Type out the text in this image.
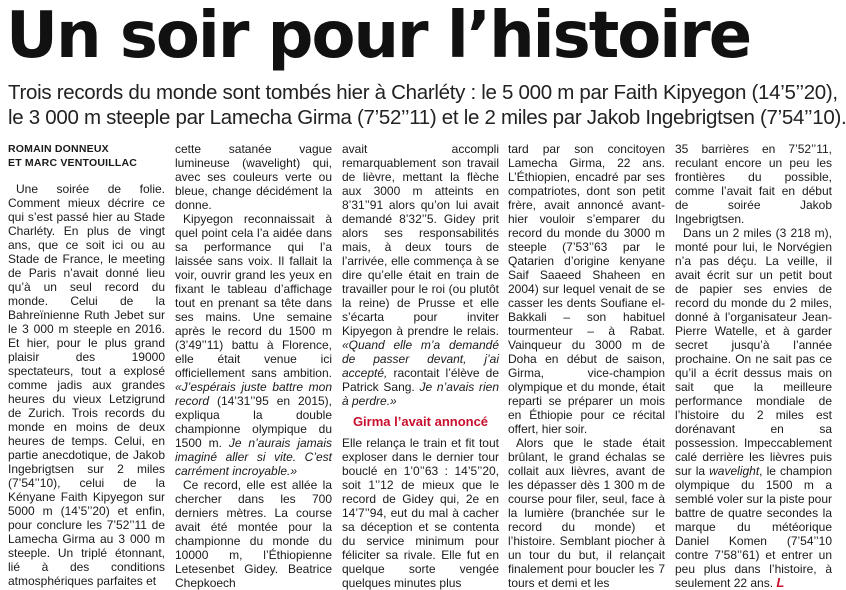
Un soir pour l’histoire

Trois records du monde sont tombés hier à Charléty : le 5 000 m par Faith Kipyegon (14’5’’20),

le 3 000 m steeple par Lamecha Girma (7’52’’11) et le 2 miles par Jakob Ingebrigtsen (7’54’’10).

ROMAIN DONNEUX
ET MARC VENTOUILLAC

Une soirée de folie. Comment mieux décrire ce qui s’est passé hier au Stade Charléty. En plus de vingt ans, que ce soit ici ou au Stade de France, le meeting de Paris n’avait donné lieu qu’à un seul record du monde. Celui de la Bahreïnienne Ruth Jebet sur le 3 000 m steeple en 2016. Et hier, pour le plus grand plaisir des 19000 spectateurs, tout a explosé comme jadis aux grandes heures du vieux Letzigrund de Zurich. Trois records du monde en moins de deux heures de temps. Celui, en partie anecdotique, de Jakob Ingebrigtsen sur 2 miles (7’54’’10), celui de la Kényane Faith Kipyegon sur 5000 m (14’5’’20) et enfin, pour conclure les 7’52’’11 de Lamecha Girma au 3 000 m steeple. Un triplé étonnant, lié à des conditions atmosphériques parfaites et

cette satanée vague lumineuse (wavelight) qui, avec ses couleurs verte ou bleue, change décidément la donne.

Kipyegon reconnaissait à quel point cela l’a aidée dans sa performance qui l’a laissée sans voix. Il fallait la voir, ouvrir grand les yeux en fixant le tableau d’affichage tout en prenant sa tête dans ses mains. Une semaine après le record du 1500 m (3’49’’11) battu à Florence, elle était venue ici officiellement sans ambition. «J’espérais juste battre mon record (14’31’’95 en 2015), expliqua la double championne olympique du 1500 m. Je n’aurais jamais imaginé aller si vite. C’est carrément incroyable.»

Ce record, elle est allée la chercher dans les 700 derniers mètres. La course avait été montée pour la championne du monde du 10000 m, l’Éthiopienne Letesenbet Gidey. Beatrice Chepkoech

avait accompli remarquablement son travail de lièvre, mettant la flèche aux 3000 m atteints en 8’31’’91 alors qu’on lui avait demandé 8’32’’5. Gidey prit alors ses responsabilités mais, à deux tours de l’arrivée, elle commença à se dire qu’elle était en train de travailler pour le roi (ou plutôt la reine) de Prusse et elle s’écarta pour inviter Kipyegon à prendre le relais. «Quand elle m’a demandé de passer devant, j’ai accepté, racontait l’élève de Patrick Sang. Je n’avais rien à perdre.»

Girma l’avait annoncé

Elle relança le train et fit tout exploser dans le dernier tour bouclé en 1’0’’63 : 14’5’’20, soit 1’’12 de mieux que le record de Gidey qui, 2e en 14’7’’94, eut du mal à cacher sa déception et se contenta du service minimum pour féliciter sa rivale. Elle fut en quelque sorte vengée quelques minutes plus

tard par son concitoyen Lamecha Girma, 22 ans. L’Éthiopien, encadré par ses compatriotes, dont son petit frère, avait annoncé avant-hier vouloir s’emparer du record du monde du 3000 m steeple (7’53’’63 par le Qatarien d’origine kenyane Saif Saaeed Shaheen en 2004) sur lequel venait de se casser les dents Soufiane el-Bakkali – son habituel tourmenteur – à Rabat. Vainqueur du 3000 m de Doha en début de saison, Girma, vice-champion olympique et du monde, était reparti se préparer un mois en Éthiopie pour ce récital offert, hier soir.

Alors que le stade était brûlant, le grand échalas se collait aux lièvres, avant de les dépasser dès 1 300 m de course pour filer, seul, face à la lumière (branchée sur le record du monde) et l’histoire. Semblant piocher à un tour du but, il relançait finalement pour boucler les 7 tours et demi et les

35 barrières en 7’52’’11, reculant encore un peu les frontières du possible, comme l’avait fait en début de soirée Jakob Ingebrigtsen.

Dans un 2 miles (3 218 m), monté pour lui, le Norvégien n’a pas déçu. La veille, il avait écrit sur un petit bout de papier ses envies de record du monde du 2 miles, donné à l’organisateur Jean-Pierre Watelle, et à garder secret jusqu’à l’année prochaine. On ne sait pas ce qu’il a écrit dessus mais on sait que la meilleure performance mondiale de l’histoire du 2 miles est dorénavant en sa possession. Impeccablement calé derrière les lièvres puis sur la wavelight, le champion olympique du 1500 m a semblé voler sur la piste pour battre de quatre secondes la marque du météorique Daniel Komen (7’54’’10 contre 7’58’’61) et entrer un peu plus dans l’histoire, à seulement 22 ans. L
